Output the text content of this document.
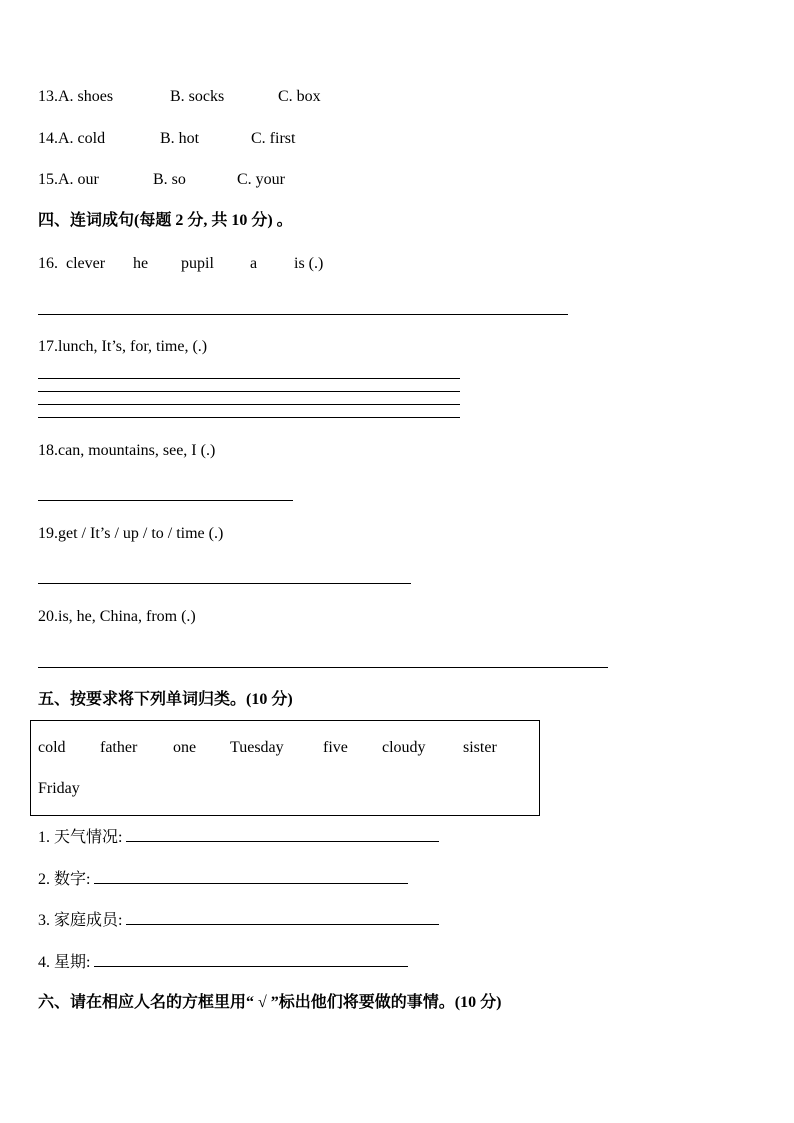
13.A. shoes	B. socks	C. box
14.A. cold	B. hot	C. first
15.A. our	B. so	C. your
四、连词成句(每题 2 分, 共 10 分) 。
16. clever he pupil a is (.)
17.lunch, It’s, for, time, (.)
18.can, mountains, see, I (.)
19.get / It’s / up / to / time (.)
20.is, he, China, from (.)
五、按要求将下列单词归类。(10 分)
cold father one Tuesday five cloudy sister
Friday
1. 天气情况:
2. 数字:
3. 家庭成员:
4. 星期:
六、请在相应人名的方框里用“ √ ”标出他们将要做的事情。(10 分)
